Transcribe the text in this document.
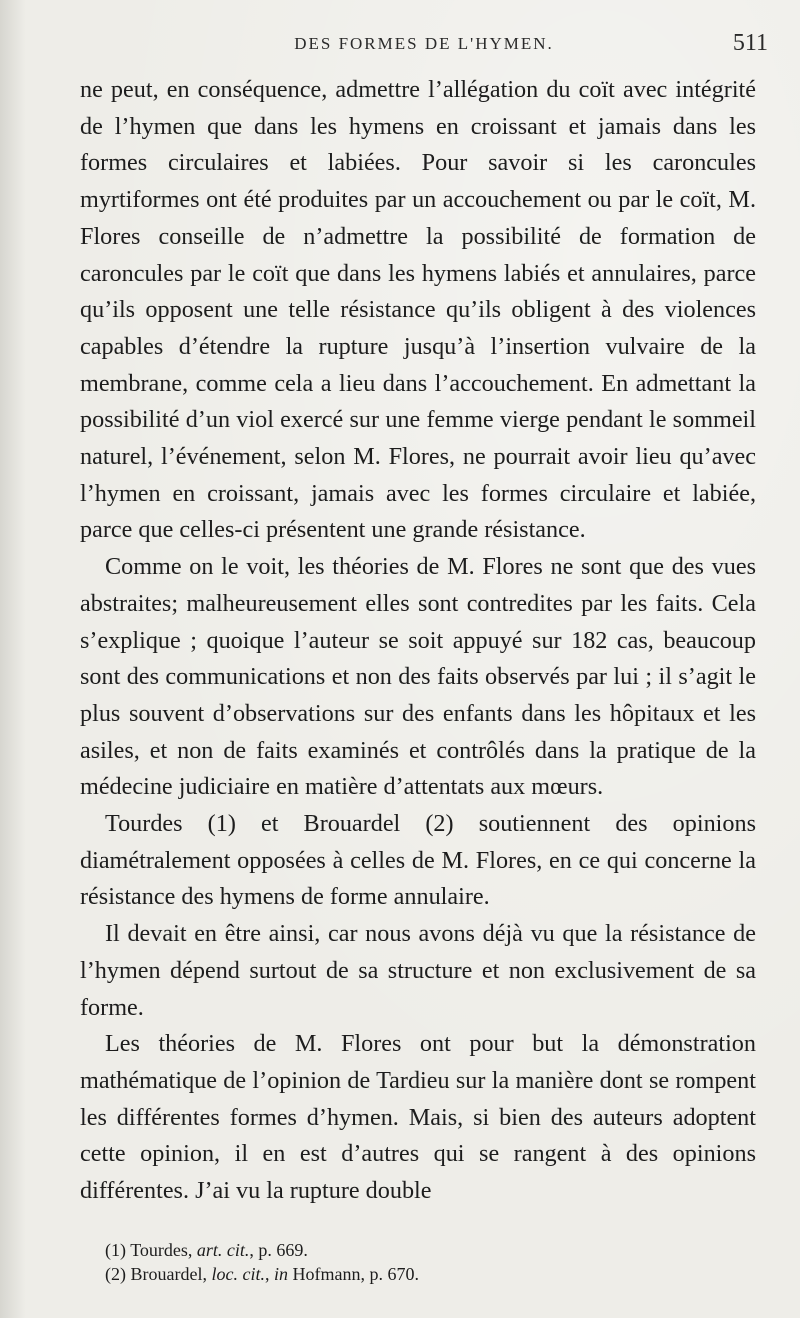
DES FORMES DE L'HYMEN.	511

ne peut, en conséquence, admettre l’allégation du coït avec intégrité de l’hymen que dans les hymens en croissant et jamais dans les formes circulaires et labiées. Pour savoir si les caroncules myrtiformes ont été produites par un accouchement ou par le coït, M. Flores conseille de n’admettre la possibilité de formation de caroncules par le coït que dans les hymens labiés et annulaires, parce qu’ils opposent une telle résistance qu’ils obligent à des violences capables d’étendre la rupture jusqu’à l’insertion vulvaire de la membrane, comme cela a lieu dans l’accouchement. En admettant la possibilité d’un viol exercé sur une femme vierge pendant le sommeil naturel, l’événement, selon M. Flores, ne pourrait avoir lieu qu’avec l’hymen en croissant, jamais avec les formes circulaire et labiée, parce que celles-ci présentent une grande résistance.

Comme on le voit, les théories de M. Flores ne sont que des vues abstraites; malheureusement elles sont contredites par les faits. Cela s’explique ; quoique l’auteur se soit appuyé sur 182 cas, beaucoup sont des communications et non des faits observés par lui ; il s’agit le plus souvent d’observations sur des enfants dans les hôpitaux et les asiles, et non de faits examinés et contrôlés dans la pratique de la médecine judiciaire en matière d’attentats aux mœurs.

Tourdes (1) et Brouardel (2) soutiennent des opinions diamétralement opposées à celles de M. Flores, en ce qui concerne la résistance des hymens de forme annulaire.

Il devait en être ainsi, car nous avons déjà vu que la résistance de l’hymen dépend surtout de sa structure et non exclusivement de sa forme.

Les théories de M. Flores ont pour but la démonstration mathématique de l’opinion de Tardieu sur la manière dont se rompent les différentes formes d’hymen. Mais, si bien des auteurs adoptent cette opinion, il en est d’autres qui se rangent à des opinions différentes. J’ai vu la rupture double

(1) Tourdes, art. cit., p. 669.
(2) Brouardel, loc. cit., in Hofmann, p. 670.
